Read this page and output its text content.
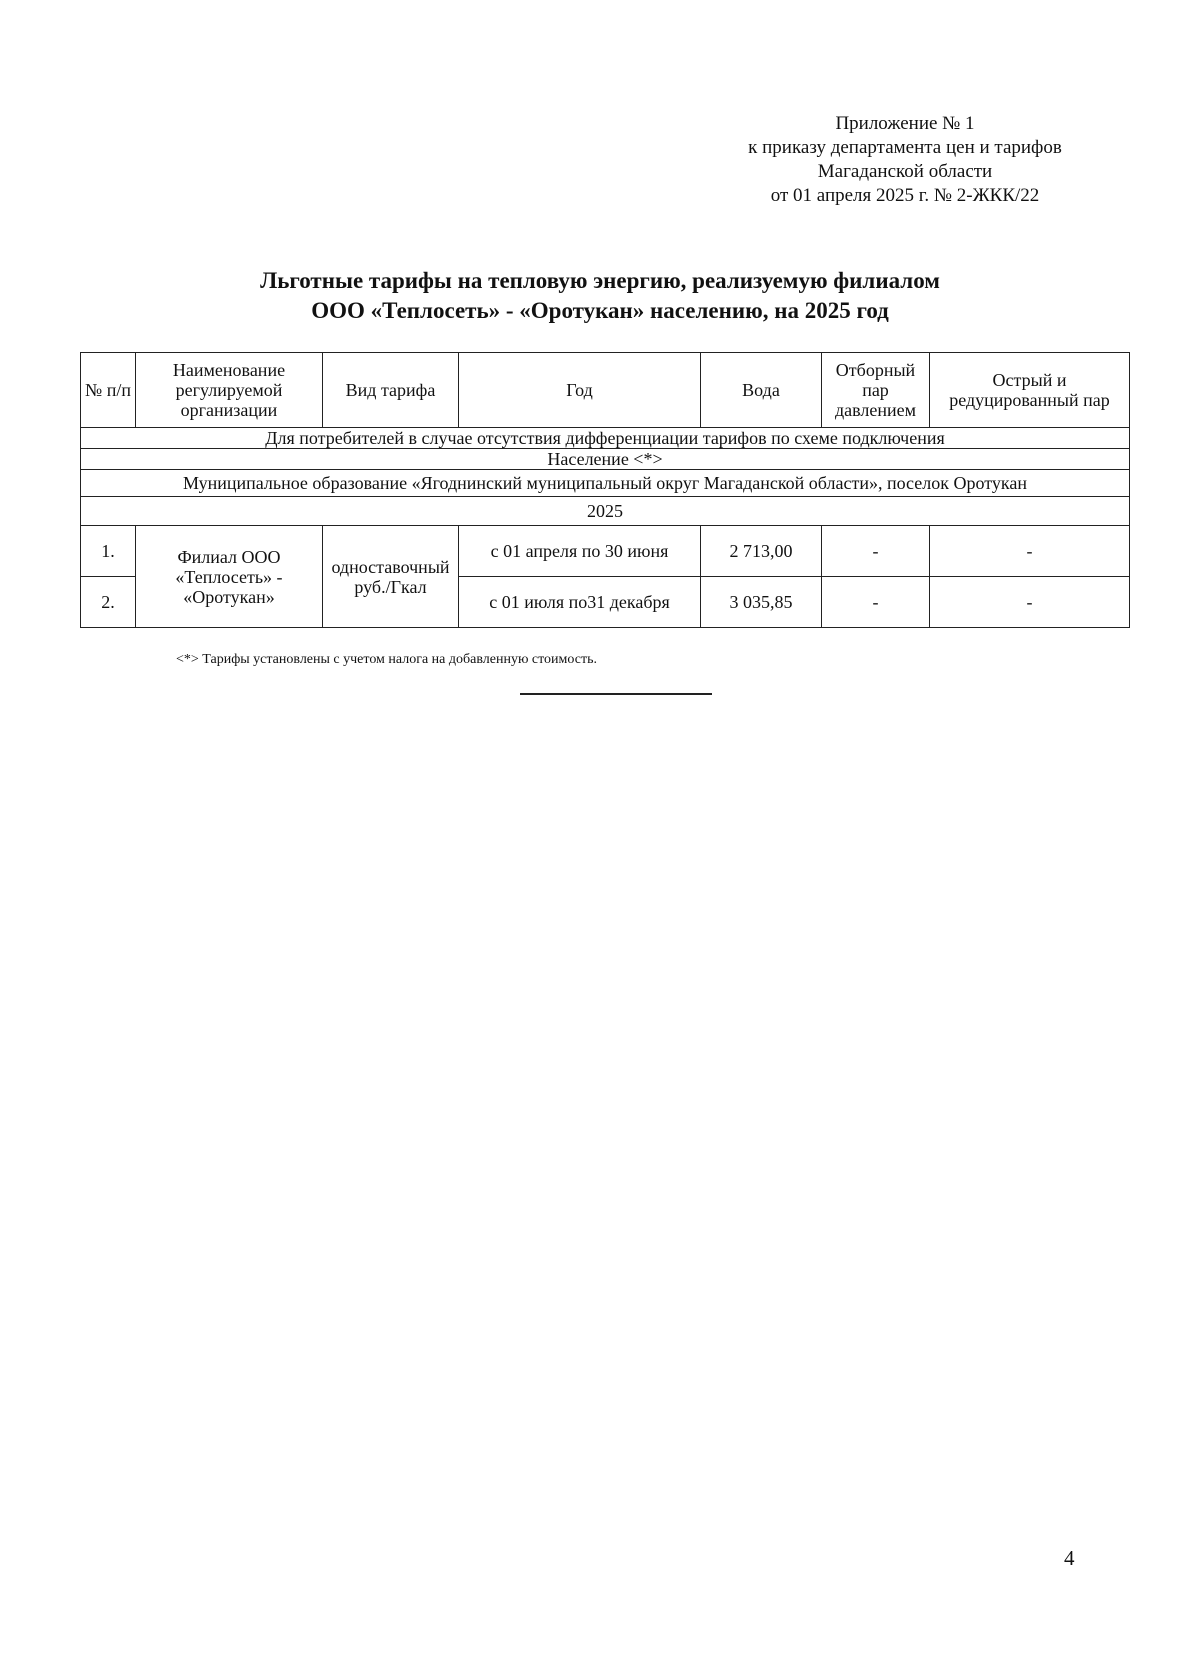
Приложение № 1
к приказу департамента цен и тарифов
Магаданской области
от 01 апреля 2025 г. № 2-ЖКК/22
Льготные тарифы на тепловую энергию, реализуемую филиалом
ООО «Теплосеть» - «Оротукан» населению, на 2025 год
№ п/п	Наименование регулируемой организации	Вид тарифа	Год	Вода	Отборный пар давлением	Острый и редуцированный пар
Для потребителей в случае отсутствия дифференциации тарифов по схеме подключения						
Население <*>						
Муниципальное образование «Ягоднинский муниципальный округ Магаданской области», поселок Оротукан						
2025						
1.	Филиал ООО «Теплосеть» - «Оротукан»	одноставочный руб./Гкал	с 01 апреля по 30 июня	2 713,00	-	-
2.			с 01 июля по31 декабря	3 035,85	-	-
<*> Тарифы установлены с учетом налога на добавленную стоимость.
4
